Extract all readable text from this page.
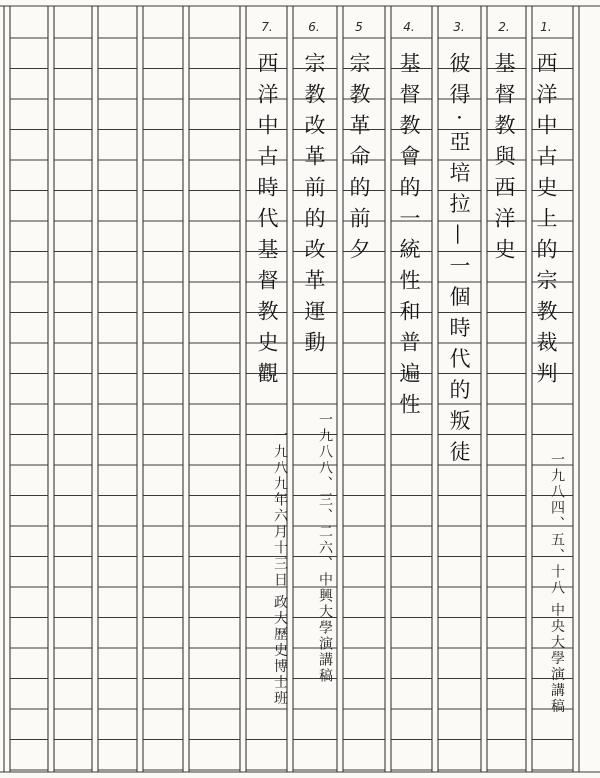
1.
西洋中古史上的宗教裁判
一九八四、五、十八 中央大學演講稿
2.
基督教與西洋史
3.
彼得·亞培拉—一個時代的叛徒
4.
基督教會的一統性和普遍性
5
宗教革命的前夕
6.
宗教改革前的改革運動
一九八八、三、二六、中興大學演講稿
7.
西洋中古時代基督教史觀
一九八九年六月十三日 政大歷史博士班
